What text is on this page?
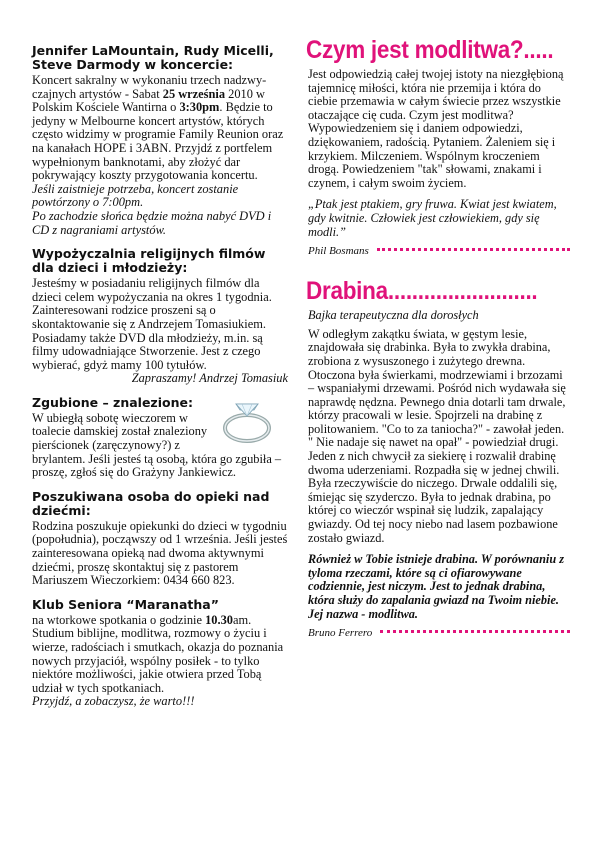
Jennifer LaMountain, Rudy Micelli, Steve Darmody w koncercie:

Koncert sakralny w wykonaniu trzech nadzwy-czajnych artystów - Sabat 25 września 2010 w Polskim Kościele Wantirna o 3:30pm. Będzie to jedyny w Melbourne koncert artystów, których często widzimy w programie Family Reunion oraz na kanałach HOPE i 3ABN. Przyjdź z portfelem wypełnionym banknotami, aby złożyć dar pokrywający koszty przygotowania koncertu.

Jeśli zaistnieje potrzeba, koncert zostanie powtórzony o 7:00pm.

Po zachodzie słońca będzie można nabyć DVD i CD z nagraniami artystów.

Wypożyczalnia religijnych filmów dla dzieci i młodzieży:

Jesteśmy w posiadaniu religijnych filmów dla dzieci celem wypożyczania na okres 1 tygodnia. Zainteresowani rodzice proszeni są o skontaktowanie się z Andrzejem Tomasiukiem. Posiadamy także DVD dla młodzieży, m.in. są filmy udowadniające Stworzenie. Jest z czego wybierać, gdyż mamy 100 tytułów.

Zapraszamy! Andrzej Tomasiuk

Zgubione – znalezione:

W ubiegłą sobotę wieczorem w toalecie damskiej został znaleziony pierścionek (zaręczynowy?) z brylantem. Jeśli jesteś tą osobą, która go zgubiła – proszę, zgłoś się do Grażyny Jankiewicz.

Poszukiwana osoba do opieki nad dziećmi:

Rodzina poszukuje opiekunki do dzieci w tygodniu (popołudnia), począwszy od 1 września. Jeśli jesteś zainteresowana opieką nad dwoma aktywnymi dziećmi, proszę skontaktuj się z pastorem Mariuszem Wieczorkiem: 0434 660 823.

Klub Seniora “Maranatha”

na wtorkowe spotkania o godzinie 10.30am. Studium biblijne, modlitwa, rozmowy o życiu i wierze, radościach i smutkach, okazja do poznania nowych przyjaciół, wspólny posiłek - to tylko niektóre możliwości, jakie otwiera przed Tobą udział w tych spotkaniach.

Przyjdź, a zobaczysz, że warto!!!

Czym jest modlitwa?.....

Jest odpowiedzią całej twojej istoty na niezgłębioną tajemnicę miłości, która nie przemija i która do ciebie przemawia w całym świecie przez wszystkie otaczające cię cuda. Czym jest modlitwa? Wypowiedzeniem się i daniem odpowiedzi, dziękowaniem, radością. Pytaniem. Żaleniem się i krzykiem. Milczeniem. Wspólnym kroczeniem drogą. Powiedzeniem "tak" słowami, znakami i czynem, i całym swoim życiem.

„Ptak jest ptakiem, gry fruwa. Kwiat jest kwiatem, gdy kwitnie. Człowiek jest człowiekiem, gdy się modli.”

Phil Bosmans
Drabina.........................

Bajka terapeutyczna dla dorosłych

W odległym zakątku świata, w gęstym lesie, znajdowała się drabinka. Była to zwykła drabina, zrobiona z wysuszonego i zużytego drewna. Otoczona była świerkami, modrzewiami i brzozami – wspaniałymi drzewami. Pośród nich wydawała się naprawdę nędzna. Pewnego dnia dotarli tam drwale, którzy pracowali w lesie. Spojrzeli na drabinę z politowaniem. "Co to za taniocha?" - zawołał jeden. " Nie nadaje się nawet na opał" - powiedział drugi. Jeden z nich chwycił za siekierę i rozwalił drabinę dwoma uderzeniami. Rozpadła się w jednej chwili. Była rzeczywiście do niczego. Drwale oddalili się, śmiejąc się szyderczo. Była to jednak drabina, po której co wieczór wspinał się ludzik, zapalający gwiazdy. Od tej nocy niebo nad lasem pozbawione zostało gwiazd.

Również w Tobie istnieje drabina. W porównaniu z tyloma rzeczami, które są ci ofiarowywane codziennie, jest niczym. Jest to jednak drabina, która służy do zapalania gwiazd na Twoim niebie. Jej nazwa - modlitwa.

Bruno Ferrero
